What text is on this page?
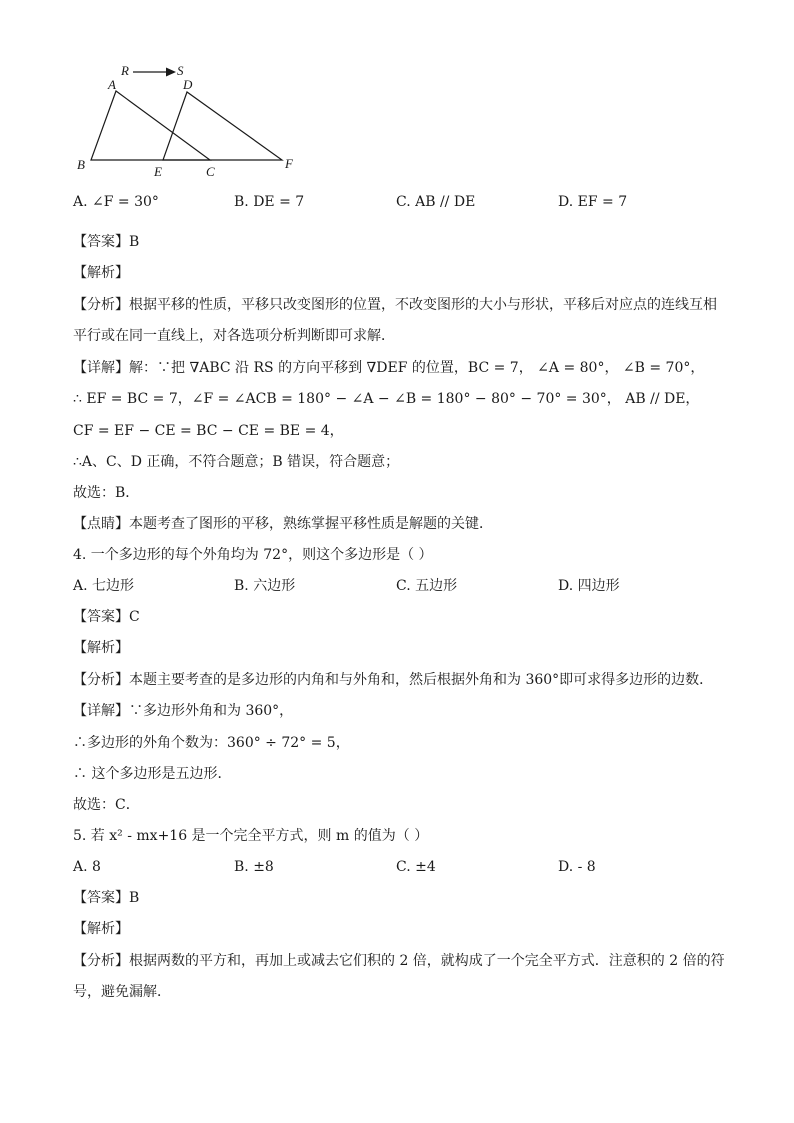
R	S
A	D
B	E	C
F
A. ∠F = 30°	B. DE = 7	C. AB // DE	D. EF = 7
【答案】B
【解析】
【分析】根据平移的性质，平移只改变图形的位置，不改变图形的大小与形状，平移后对应点的连线互相
平行或在同一直线上，对各选项分析判断即可求解．
【详解】解：∵把 ∇ABC 沿 RS 的方向平移到 ∇DEF 的位置，BC = 7， ∠A = 80°， ∠B = 70°，
∴ EF = BC = 7，∠F = ∠ACB = 180° − ∠A − ∠B = 180° − 80° − 70° = 30°， AB // DE，
CF = EF − CE = BC − CE = BE = 4，
∴A、C、D 正确，不符合题意；B 错误，符合题意；
故选：B．
【点睛】本题考查了图形的平移，熟练掌握平移性质是解题的关键．
4. 一个多边形的每个外角均为 72°，则这个多边形是（ ）
A. 七边形	B. 六边形	C. 五边形	D. 四边形
【答案】C
【解析】
【分析】本题主要考查的是多边形的内角和与外角和，然后根据外角和为 360°即可求得多边形的边数．
【详解】∵多边形外角和为 360°，
∴多边形的外角个数为：360° ÷ 72° = 5，
∴ 这个多边形是五边形．
故选：C．
5. 若 x² - mx+16 是一个完全平方式，则 m 的值为（ ）
A. 8	B. ±8	C. ±4	D. - 8
【答案】B
【解析】
【分析】根据两数的平方和，再加上或减去它们积的 2 倍，就构成了一个完全平方式．注意积的 2 倍的符
号，避免漏解．
